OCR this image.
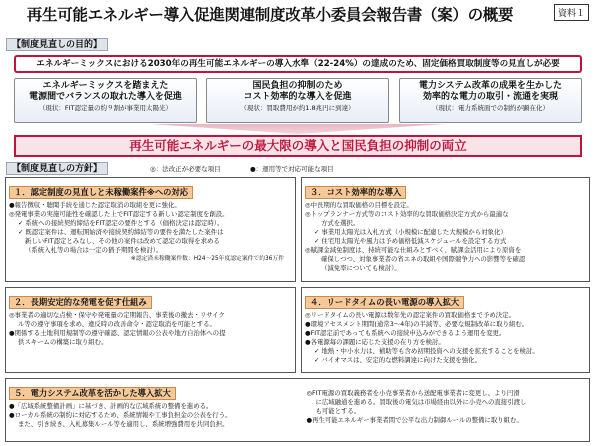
再生可能エネルギー導入促進関連制度改革小委員会報告書（案）の概要	資料１
【制度見直しの目的】
エネルギーミックスにおける2030年の再生可能エネルギーの導入水準（22-24%）の達成のため、固定価格買取制度等の見直しが必要
エネルギーミックスを踏まえた
電源間でバランスの取れた導入を促進
（現状：FIT認定量の約９割が事業用太陽光）
国民負担の抑制のため
コスト効率的な導入を促進
（現状：買取費用が約1.8兆円に到達）
電力システム改革の成果を生かした
効率的な電力の取引・流通を実現
（現状：電力系統面での制約が顕在化）
再生可能エネルギーの最大限の導入と国民負担の抑制の両立
【制度見直しの方針】	◎：法改正が必要な項目	●：運用等で対応可能な項目
１．認定制度の見直しと未稼働案件※への対応
●報告徴収・聴聞手続を通じた認定取消の取組を更に強化。
◎発電事業の実施可能性を確認した上でFIT認定する新しい認定制度を創設。
✓ 系統への接続契約締結をFIT認定の要件とする（価格決定は認定時）。
✓ 既認定案件は、運転開始済や接続契約締結等の要件を満たした案件は
新しいFIT認定とみなし、その他の案件は改めて認定の取得を求める
（系統入札等の場合は一定の猶予期間を検討）。
※認定済未稼働案件数：H24～25年度認定案件で約36万件
３．コスト効率的な導入
◎中長期的な買取価格の目標を設定。
◎トップランナー方式等のコスト効率的な買取価格決定方式から最適な
方式を選択。
✓ 事業用太陽光は入札方式（小規模に配慮した大規模から対象化）
✓ 住宅用太陽光や風力は予め価格低減スケジュールを設定する方式
◎賦課金減免制度は、持続可能な仕組みとすべく、賦課金活用により原資を
確保しつつ、対象事業者の省エネの取組や国際競争力への影響等を確認
（減免率についても検討）。
２．長期安定的な発電を促す仕組み
◎事業者の適切な点検・保守や発電量の定期報告、事業後の撤去・リサイク
ル等の遵守事項を求め、違反時の改善命令・認定取消を可能とする。
●関係する土地利用規制等の遵守確認、認定情報の公表や地方自治体への提
供スキームの構築に取り組む。
４．リードタイムの長い電源の導入拡大
◎リードタイムの長い電源は数年先の認定案件の買取価格まで予め決定。
●環境アセスメント期間(通常3～4年)の半減等、必要な規制改革に取り組む。
●FIT認定前であっても系統への接続申込みができるよう運用を変更。
●各電源毎の課題に応じた支援の在り方を検討。
✓ 地熱・中小水力は、補助等も含め初期投資への支援を拡充することを検討。
✓ バイオマスは、安定的な燃料調達に向けた支援を強化。
５．電力システム改革を活かした導入拡大
●「広域系統整備計画」に基づき、計画的な広域系統の整備を進める。
●ローカル系統の制約に対応するため、系統情報や工事負担金の公表を行う。
また、引き続き、入札募集ルール等を適用し、系統増強費用を共同負担。
◎FIT電源の買取義務者を小売事業者から送配電事業者に変更し、より円滑
に広域融通を進める。買取後の電気は市場経由以外に小売への直接引渡し
も可能とする。
●再生可能エネルギー事業者間で公平な出力制御ルールの整備に取り組む。
